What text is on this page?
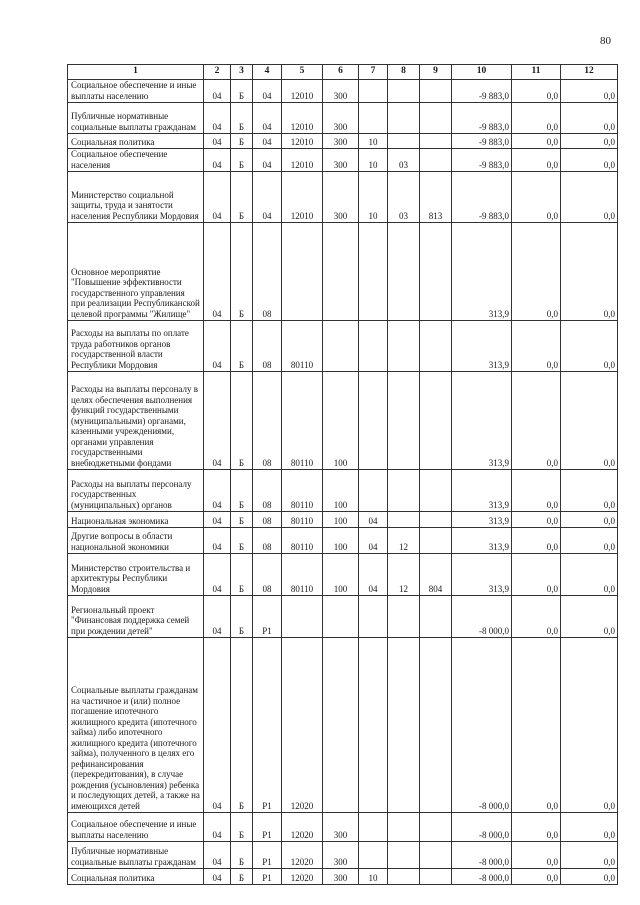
80
1	2	3	4	5	6	7	8	9	10	11	12
Социальное обеспечение и иные выплаты населению	04	Б	04	12010	300				-9 883,0	0,0	0,0
Публичные нормативные социальные выплаты гражданам	04	Б	04	12010	300				-9 883,0	0,0	0,0
Социальная политика	04	Б	04	12010	300	10			-9 883,0	0,0	0,0
Социальное обеспечение населения	04	Б	04	12010	300	10	03		-9 883,0	0,0	0,0
Министерство социальной защиты, труда и занятости населения Республики Мордовия	04	Б	04	12010	300	10	03	813	-9 883,0	0,0	0,0
Основное мероприятие "Повышение эффективности государственного управления при реализации Республиканской целевой программы "Жилище"	04	Б	08						313,9	0,0	0,0
Расходы на выплаты по оплате труда работников органов государственной власти Республики Мордовия	04	Б	08	80110					313,9	0,0	0,0
Расходы на выплаты персоналу в целях обеспечения выполнения функций государственными (муниципальными) органами, казенными учреждениями, органами управления государственными внебюджетными фондами	04	Б	08	80110	100				313,9	0,0	0,0
Расходы на выплаты персоналу государственных (муниципальных) органов	04	Б	08	80110	100				313,9	0,0	0,0
Национальная экономика	04	Б	08	80110	100	04			313,9	0,0	0,0
Другие вопросы в области национальной экономики	04	Б	08	80110	100	04	12		313,9	0,0	0,0
Министерство строительства и архитектуры Республики Мордовия	04	Б	08	80110	100	04	12	804	313,9	0,0	0,0
Региональный проект "Финансовая поддержка семей при рождении детей"	04	Б	P1						-8 000,0	0,0	0,0
Социальные выплаты гражданам на частичное и (или) полное погашение ипотечного жилищного кредита (ипотечного займа) либо ипотечного жилищного кредита (ипотечного займа), полученного в целях его рефинансирования (перекредитования), в случае рождения (усыновления) ребенка и последующих детей, а также на имеющихся детей	04	Б	P1	12020					-8 000,0	0,0	0,0
Социальное обеспечение и иные выплаты населению	04	Б	P1	12020	300				-8 000,0	0,0	0,0
Публичные нормативные социальные выплаты гражданам	04	Б	P1	12020	300				-8 000,0	0,0	0,0
Социальная политика	04	Б	P1	12020	300	10			-8 000,0	0,0	0,0
